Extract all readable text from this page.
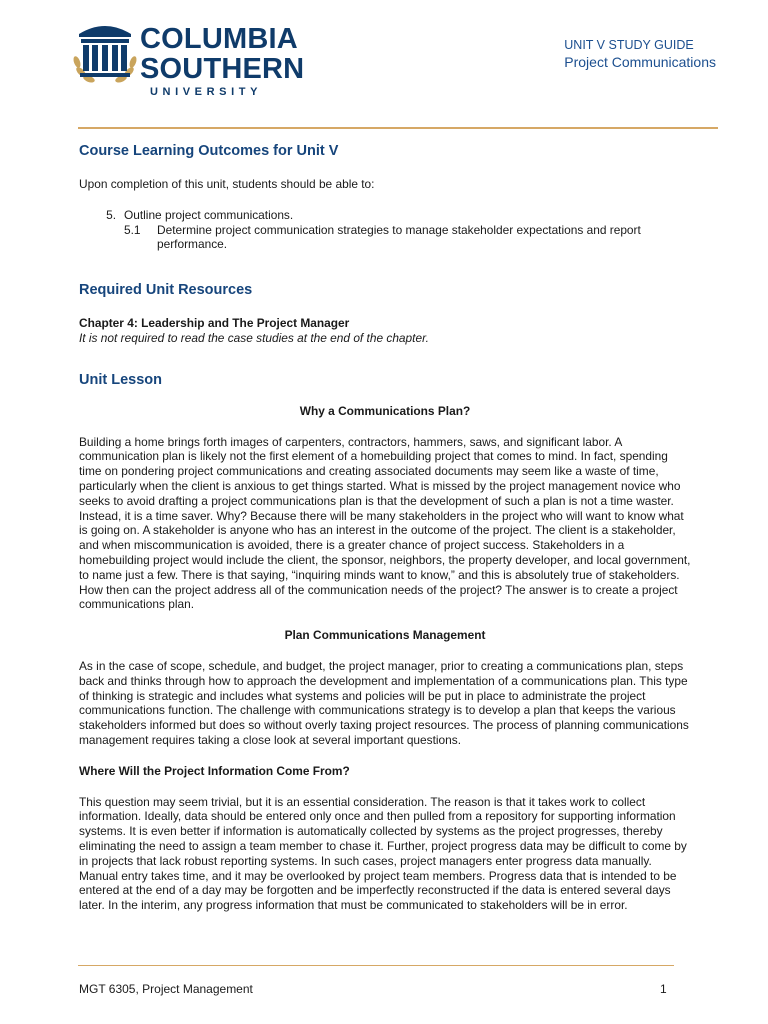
COLUMBIA
SOUTHERN
UNIVERSITY
UNIT V STUDY GUIDE
Project Communications
Course Learning Outcomes for Unit V

Upon completion of this unit, students should be able to:

5. Outline project communications.
5.1	Determine project communication strategies to manage stakeholder expectations and report performance.
Required Unit Resources

Chapter 4: Leadership and The Project Manager

It is not required to read the case studies at the end of the chapter.

Unit Lesson

Why a Communications Plan?

Building a home brings forth images of carpenters, contractors, hammers, saws, and significant labor. A communication plan is likely not the first element of a homebuilding project that comes to mind. In fact, spending time on pondering project communications and creating associated documents may seem like a waste of time, particularly when the client is anxious to get things started. What is missed by the project management novice who seeks to avoid drafting a project communications plan is that the development of such a plan is not a time waster. Instead, it is a time saver. Why? Because there will be many stakeholders in the project who will want to know what is going on. A stakeholder is anyone who has an interest in the outcome of the project. The client is a stakeholder, and when miscommunication is avoided, there is a greater chance of project success. Stakeholders in a homebuilding project would include the client, the sponsor, neighbors, the property developer, and local government, to name just a few. There is that saying, “inquiring minds want to know,” and this is absolutely true of stakeholders. How then can the project address all of the communication needs of the project? The answer is to create a project communications plan.

Plan Communications Management

As in the case of scope, schedule, and budget, the project manager, prior to creating a communications plan, steps back and thinks through how to approach the development and implementation of a communications plan. This type of thinking is strategic and includes what systems and policies will be put in place to administrate the project communications function. The challenge with communications strategy is to develop a plan that keeps the various stakeholders informed but does so without overly taxing project resources. The process of planning communications management requires taking a close look at several important questions.

Where Will the Project Information Come From?

This question may seem trivial, but it is an essential consideration. The reason is that it takes work to collect information. Ideally, data should be entered only once and then pulled from a repository for supporting information systems. It is even better if information is automatically collected by systems as the project progresses, thereby eliminating the need to assign a team member to chase it. Further, project progress data may be difficult to come by in projects that lack robust reporting systems. In such cases, project managers enter progress data manually. Manual entry takes time, and it may be overlooked by project team members. Progress data that is intended to be entered at the end of a day may be forgotten and be imperfectly reconstructed if the data is entered several days later. In the interim, any progress information that must be communicated to stakeholders will be in error.

MGT 6305, Project Management	1
